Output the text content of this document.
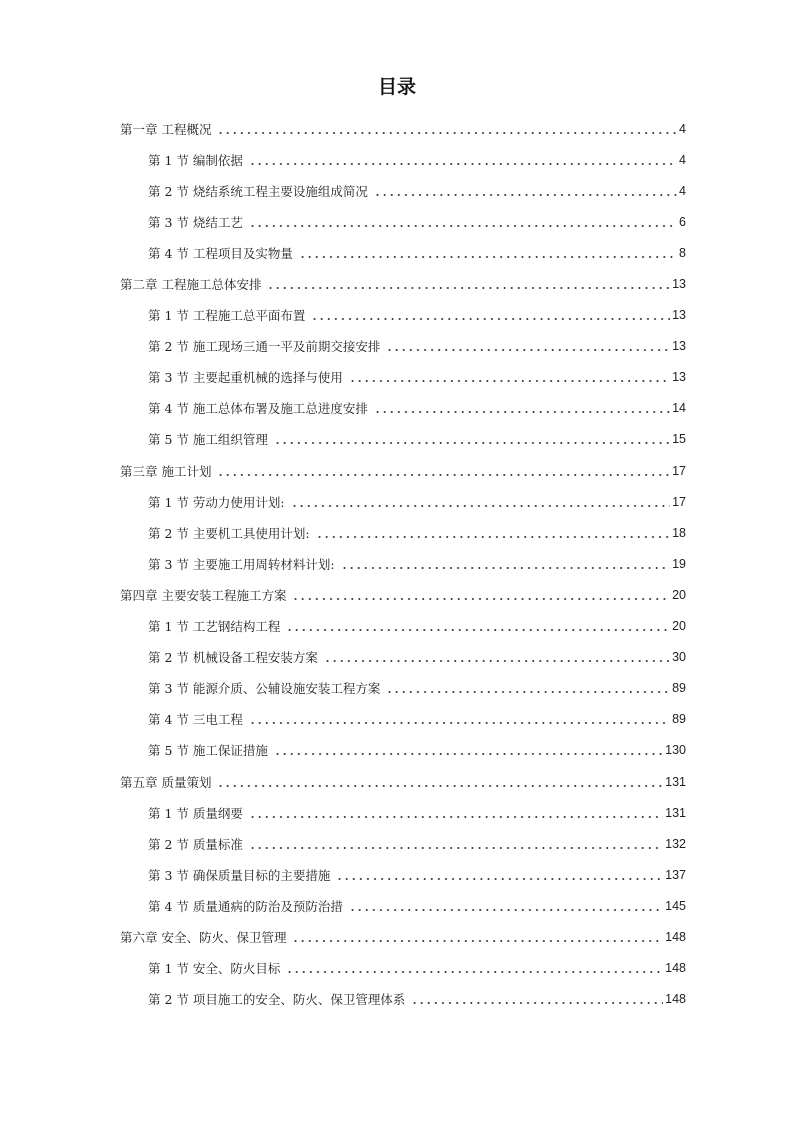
目录
第一章 工程概况	4
第 1 节 编制依据	4
第 2 节 烧结系统工程主要设施组成简况	4
第 3 节 烧结工艺	6
第 4 节 工程项目及实物量	8
第二章 工程施工总体安排	13
第 1 节 工程施工总平面布置	13
第 2 节 施工现场三通一平及前期交接安排	13
第 3 节 主要起重机械的选择与使用	13
第 4 节 施工总体布署及施工总进度安排	14
第 5 节 施工组织管理	15
第三章 施工计划	17
第 1 节 劳动力使用计划:	17
第 2 节 主要机工具使用计划:	18
第 3 节 主要施工用周转材料计划:	19
第四章 主要安装工程施工方案	20
第 1 节 工艺钢结构工程	20
第 2 节 机械设备工程安装方案	30
第 3 节 能源介质、公辅设施安装工程方案	89
第 4 节 三电工程	89
第 5 节 施工保证措施	130
第五章 质量策划	131
第 1 节 质量纲要	131
第 2 节 质量标准	132
第 3 节 确保质量目标的主要措施	137
第 4 节 质量通病的防治及预防治措	145
第六章 安全、防火、保卫管理	148
第 1 节 安全、防火目标	148
第 2 节 项目施工的安全、防火、保卫管理体系	148
